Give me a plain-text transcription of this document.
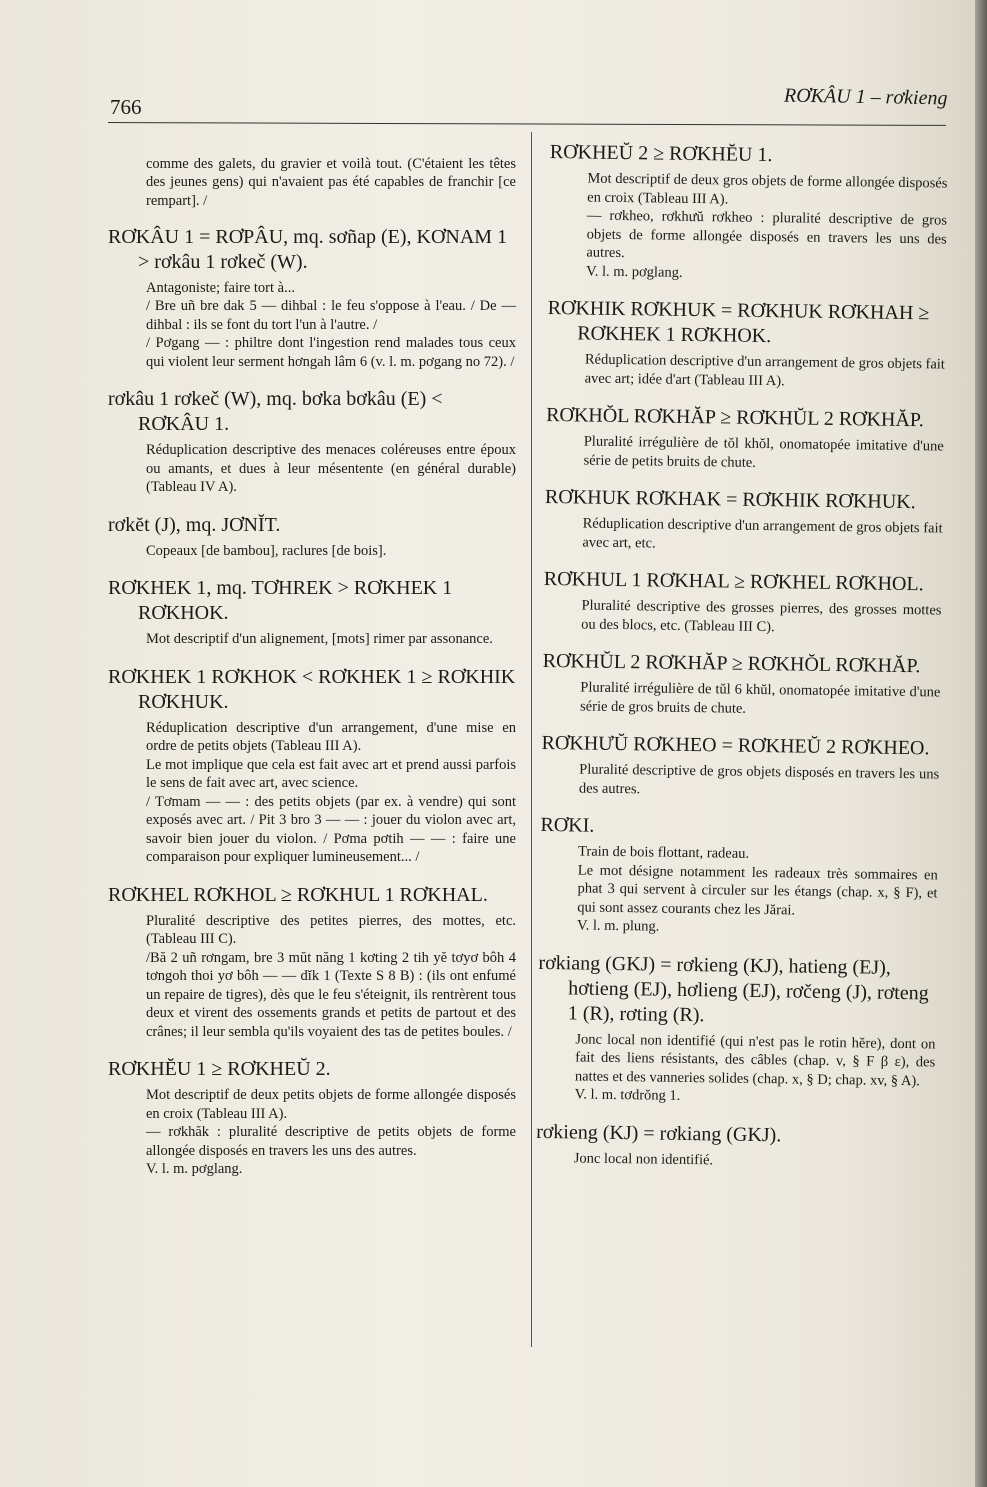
766	RƠKÂU 1 – rơkieng

comme des galets, du gravier et voilà tout. (C'étaient les têtes des jeunes gens) qui n'avaient pas été capables de franchir [ce rempart]. /

RƠKÂU 1 = RƠPÂU, mq. sơñap (E), KƠNAM 1 > rơkâu 1 rơkeč (W).

Antagoniste; faire tort à...

/ Bre uñ bre dak 5 — dihbal : le feu s'oppose à l'eau. / De — dihbal : ils se font du tort l'un à l'autre. /

/ Pơgang — : philtre dont l'ingestion rend malades tous ceux qui violent leur serment hơngah lâm 6 (v. l. m. pơgang no 72). /

rơkâu 1 rơkeč (W), mq. bơka bơkâu (E) < RƠKÂU 1.

Réduplication descriptive des menaces coléreuses entre époux ou amants, et dues à leur mésentente (en général durable) (Tableau IV A).

rơkĕt (J), mq. JƠNĬT.

Copeaux [de bambou], raclures [de bois].

RƠKHEK 1, mq. TƠHREK > RƠKHEK 1 RƠKHOK.

Mot descriptif d'un alignement, [mots] rimer par assonance.

RƠKHEK 1 RƠKHOK < RƠKHEK 1 ≥ RƠKHIK RƠKHUK.

Réduplication descriptive d'un arrangement, d'une mise en ordre de petits objets (Tableau III A).

Le mot implique que cela est fait avec art et prend aussi parfois le sens de fait avec art, avec science.

/ Tơmam — — : des petits objets (par ex. à vendre) qui sont exposés avec art. / Pit 3 bro 3 — — : jouer du violon avec art, savoir bien jouer du violon. / Pơma pơtih — — : faire une comparaison pour expliquer lumineusement... /

RƠKHEL RƠKHOL ≥ RƠKHUL 1 RƠKHAL.

Pluralité descriptive des petites pierres, des mottes, etc. (Tableau III C).

/Bă 2 uñ rơngam, bre 3 mŭt năng 1 kơting 2 tih yĕ tơyơ bôh 4 tơngoh thoi yơ bôh — — dĭk 1 (Texte S 8 B) : (ils ont enfumé un repaire de tigres), dès que le feu s'éteignit, ils rentrèrent tous deux et virent des ossements grands et petits de partout et des crânes; il leur sembla qu'ils voyaient des tas de petites boules. /

RƠKHĔU 1 ≥ RƠKHEŬ 2.

Mot descriptif de deux petits objets de forme allongée disposés en croix (Tableau III A).

— rơkhăk : pluralité descriptive de petits objets de forme allongée disposés en travers les uns des autres.

V. l. m. pơglang.

RƠKHEŬ 2 ≥ RƠKHĔU 1.

Mot descriptif de deux gros objets de forme allongée disposés en croix (Tableau III A).

— rơkheo, rơkhưŭ rơkheo : pluralité descriptive de gros objets de forme allongée disposés en travers les uns des autres.

V. l. m. pơglang.

RƠKHIK RƠKHUK = RƠKHUK RƠKHAH ≥ RƠKHEK 1 RƠKHOK.

Réduplication descriptive d'un arrangement de gros objets fait avec art; idée d'art (Tableau III A).

RƠKHŎL RƠKHĂP ≥ RƠKHŬL 2 RƠKHĂP.

Pluralité irrégulière de tŏl khŏl, onomatopée imitative d'une série de petits bruits de chute.

RƠKHUK RƠKHAK = RƠKHIK RƠKHUK.

Réduplication descriptive d'un arrangement de gros objets fait avec art, etc.

RƠKHUL 1 RƠKHAL ≥ RƠKHEL RƠKHOL.

Pluralité descriptive des grosses pierres, des grosses mottes ou des blocs, etc. (Tableau III C).

RƠKHŬL 2 RƠKHĂP ≥ RƠKHŎL RƠKHĂP.

Pluralité irrégulière de tŭl 6 khŭl, onomatopée imitative d'une série de gros bruits de chute.

RƠKHƯŬ RƠKHEO = RƠKHEŬ 2 RƠKHEO.

Pluralité descriptive de gros objets disposés en travers les uns des autres.

RƠKI.

Train de bois flottant, radeau.

Le mot désigne notamment les radeaux très sommaires en phat 3 qui servent à circuler sur les étangs (chap. x, § F), et qui sont assez courants chez les Jărai.

V. l. m. plung.

rơkiang (GKJ) = rơkieng (KJ), hatieng (EJ), hơtieng (EJ), hơlieng (EJ), rơčeng (J), rơteng 1 (R), rơting (R).

Jonc local non identifié (qui n'est pas le rotin hĕre), dont on fait des liens résistants, des câbles (chap. v, § F β ε), des nattes et des vanneries solides (chap. x, § D; chap. xv, § A).

V. l. m. tơdrŏng 1.

rơkieng (KJ) = rơkiang (GKJ).

Jonc local non identifié.
